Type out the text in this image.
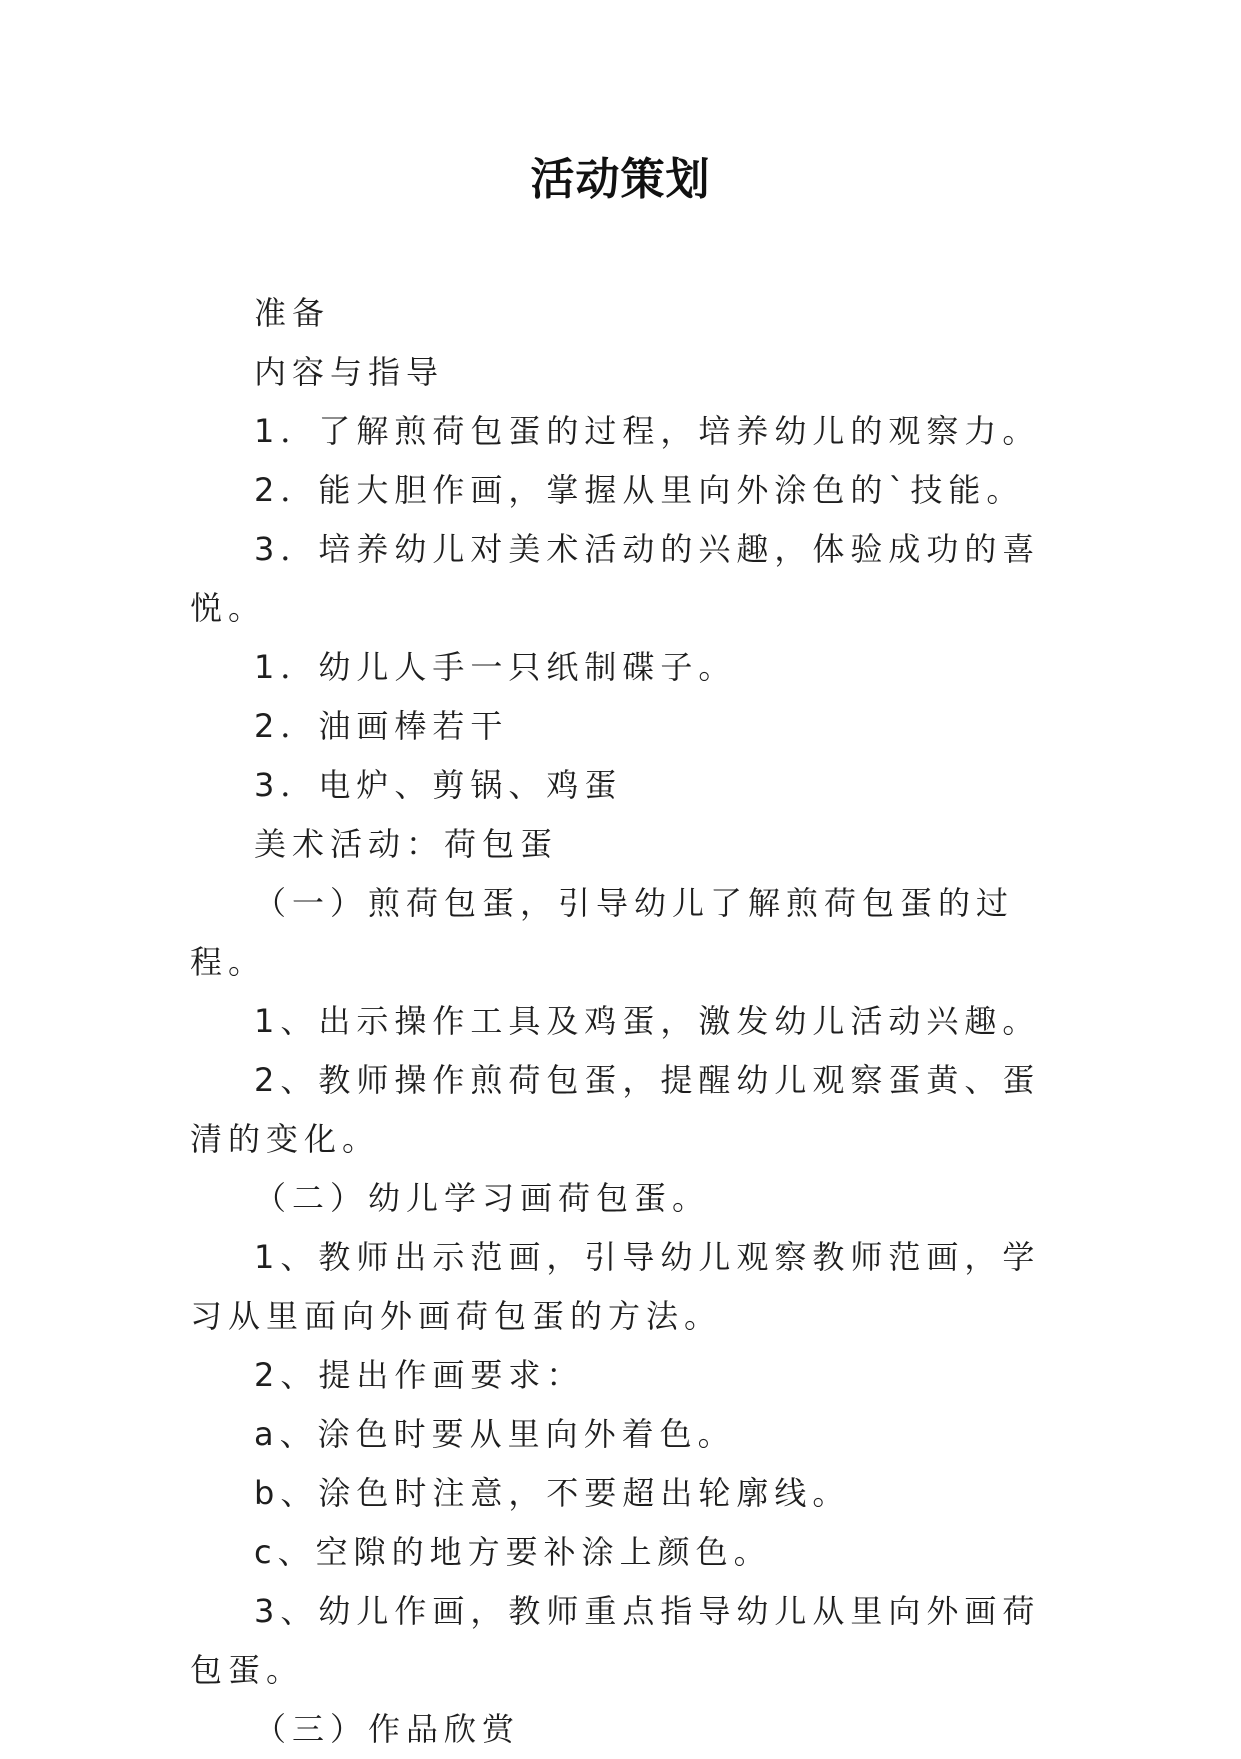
活动策划

准备

内容与指导

1．了解煎荷包蛋的过程，培养幼儿的观察力。

2．能大胆作画，掌握从里向外涂色的`技能。

3．培养幼儿对美术活动的兴趣，体验成功的喜悦。

1．幼儿人手一只纸制碟子。

2．油画棒若干

3．电炉、剪锅、鸡蛋

美术活动：荷包蛋

（一）煎荷包蛋，引导幼儿了解煎荷包蛋的过程。

1、出示操作工具及鸡蛋，激发幼儿活动兴趣。

2、教师操作煎荷包蛋，提醒幼儿观察蛋黄、蛋清的变化。

（二）幼儿学习画荷包蛋。

1、教师出示范画，引导幼儿观察教师范画，学习从里面向外画荷包蛋的方法。

2、提出作画要求：

a、涂色时要从里向外着色。

b、涂色时注意，不要超出轮廓线。

c、空隙的地方要补涂上颜色。

3、幼儿作画，教师重点指导幼儿从里向外画荷包蛋。

（三）作品欣赏
